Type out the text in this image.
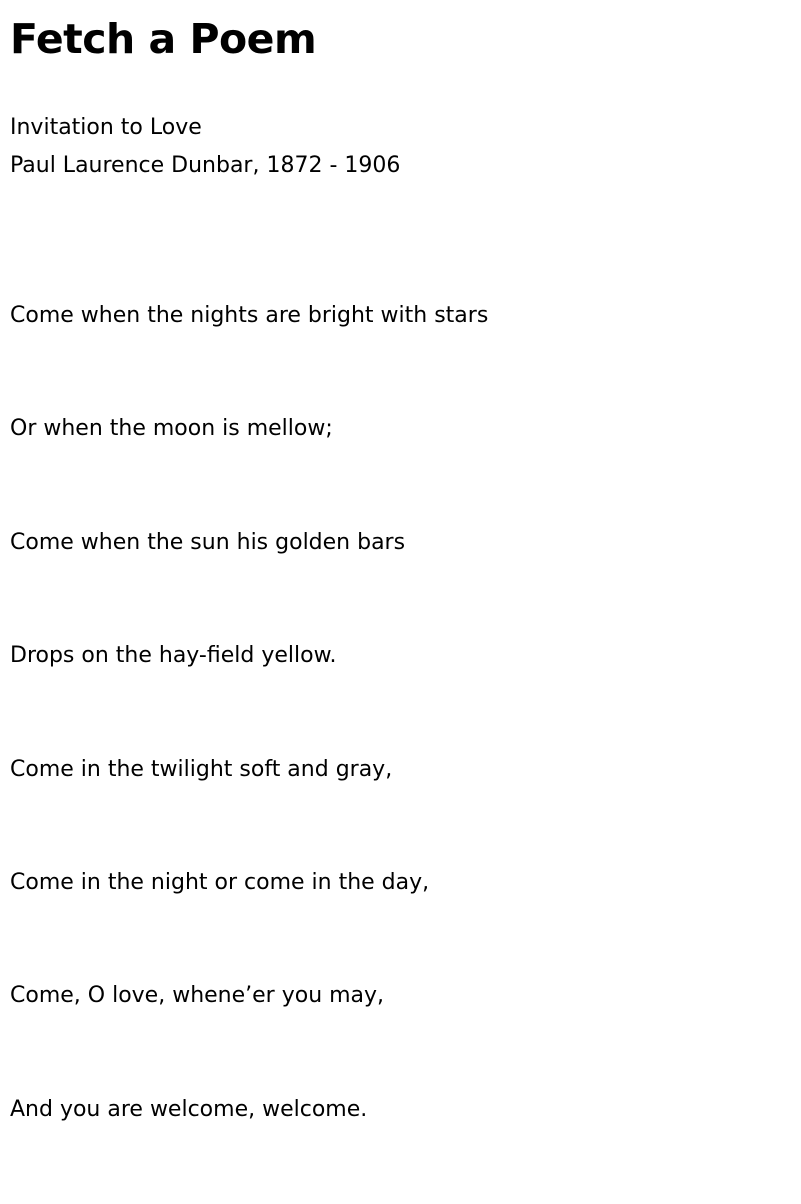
Fetch a Poem
Invitation to Love
Paul Laurence Dunbar, 1872 - 1906

Come when the nights are bright with stars

Or when the moon is mellow;

Come when the sun his golden bars

Drops on the hay-field yellow.

Come in the twilight soft and gray,

Come in the night or come in the day,

Come, O love, whene’er you may,

And you are welcome, welcome.
